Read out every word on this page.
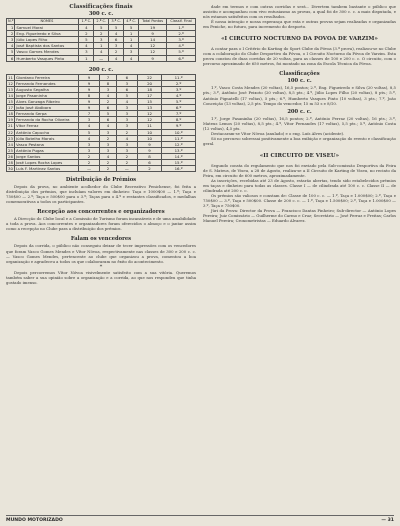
Classificações finais
300 c. c.
N.º	NOMES	1.ª C.	2.ª C.	3.ª C.	4.ª C.	Total Pontos	Classif. Final
1	Samuel Morai	4	5	5	5	19	1.º
2	Eng. Figueiredo e Silva	2	2	4	1	9	2.º
3	Júlio Lopes Filho	5	3	6	1	14	3.º
4	José Baptista dos Santos	4	1	3	4	12	4.º
5	Vasco Gomes Mendes	3	4	2	3	12	5.º
6	Humberto Vasques Pinto	1	—	4	4	9	6.º
200 c. c.
11	Giordano Ferreira	9	7	6	22	11.º
12	Fernando Fernandes	9	8	3	20	2.º
13	Augusto Segalha	9	3	6	18	3.º
14	Jorge Pasaninha	8	4	5	17	4.º
15	Alves Gonzaga Ribeiro	9	2	4	15	5.º
17	João José Abóbora	9	6	3	13	6.º
18	Fernando Serpa	7	5	3	12	7.º
19	Fernando da Rocha Oliveira	3	6	3	12	8.º
21	Vítor Ferraz	4	4	3	11	9.º
22	António Capucho	5	3	2	10	10.º
23	Júlio Botelho Morais	4	2	4	10	11.º
24	Vasco Pestana	3	3	3	9	12.º
25	António Pugas	3	3	3	9	13.º
26	Jorge Santos	2	4	2	8	14.º
28	José Lopes Rocha Lopes	2	2	2	6	15.º
30	Luís F. Martinez Santos	—	2	—	2	16.º
Distribuição de Prémios
Depois da prova, no ambiente acolhedor do Clube Recreativo Penichense, foi feita a distribuição dos prémios, que incluíam valores em dinheiro: Taça e 1000$00 — 1.º; Taça e 750$00 — 2.º; Taça e 500$00 para o 3.º; Taças para o 4.º e restantes classificados, e medalhas comemorativas a todos os participantes.
Recepção aos concorrentes e organizadores
A Direcção do Clube local e a Comissão de Turismo foram incansáveis e de uma amabilidade a toda a prova. Aos concorrentes e organizadores foram oferecidos o almoço e o jantar assim como a recepção no Clube para a distribuição dos prémios.
Falam os vencedores
Depois da corrida, o público não conseguiu deixar de tecer impressões com os vencedores que foram Vasco Gomes Mendes e Vítor Nóvoa, respectivamente nas classes de 300 e 200 c. c. — Vasco Gomes Mendes, pertencente ao clube que organizou a prova, comentou a boa organização e agradeceu a todos os que colaboraram no êxito do acontecimento.
*
Depois percorremos Vítor Nóvoa visivelmente satisfeito com a sua vitória. Queremos também saber a sua opinião sobre a organização e a corrida, ao que nos respondeu que tinha gostado imenso.
dade em termos e com outras corridas e será... Divertem tambem bastante o público que assistiu e acompanhou com vivo entusiasmo as provas, a qual foi de 300 c. c. a mais disputada, e nós estamos satisfeitos com os resultados.
É nossa intenção e nossa esperança que esta e outras provas sejam realizadas e organizadas em Peniche, no futuro, para incremento do desporto.
«I CIRCUITO NOCTURNO DA POVOA DE VARZIM»
A contar para o I Critério do Karting do Sport Clube da Póvoa (3.ª prova), realizou-se no Clube com a colaboração do Clube Desportivo da Póvoa, o I Circuito Nocturno da Póvoa de Varzim. Esta prova constou de duas corridas de 20 voltas, para as classes de 100 e 200 c. c. O circuito, com o percurso aproximado de 650 metros, foi montado na zona da Escola Técnica da Póvoa.
Classificações
100 c. c.
1.º, Vasco Costa Mendes (20 voltas), 16,5 pontos; 2.º, Eng. Figueiredo e Silva (20 voltas), 8,5 pts.; 3.º, Antônio José Peixoto (20 voltas), 8,5 pts.; 4.º, Júlio Lopes Filho (20 voltas), 8 pts.; 5.º, António Pignatelli (17 voltas), 5 pts.; 6.º, Humberto Vasques Pinto (10 voltas), 3 pts.; 7.º, João Conceição (13 voltas), 2,5 pts. Tempo do vencedor, 15 m 53 s e 8/10.
200 c. c.
1.º, Jorge Pasaninha (20 voltas), 16,5 pontos; 2.º, António Ferraz (20 voltas), 16 pts.; 3.º, Mateus Lemos (20 voltas), 8,5 pts.; 4.º, Vítor Fernandes (17 voltas), 5,5 pts.; 5.º, António Costa (12 voltas), 4,5 pts.
Destacaram-se Vítor Nóvoa (anulado) e o eng. Luís Alves (acidente).
Só no percurso sobressai positivamente a boa exibição e organização do evento e classificação geral.
«II CIRCUITO DE VISEU»
Segundo consta do regulamento que nos foi enviado pela Sub-comissão Desportiva da Feira de S. Mateus, de Viseu, a 28 de Agosto, realiza-se a II Circuito de Karting de Viseu, no recinto da Feira, em circuito de 600 metros, aproximadamente.
As inscrições, recebidas até 23 de Agosto, estarão abertas, tendo sido estabelecidos prémios em taças e dinheiro para todas as classes. Classe I — de cilindrada até 100 c. c. Classe II — de cilindrada até 200 c. c.
Os prémios são valiosos e constam de: Classe de 100 c. c. — 1.º, Taça e 1.000$00; 2.º, Taça e 750$00 — 3.º, Taça e 500$00. Classe de 200 c. c. — 1.º, Taça e 1.500$00; 2.º, Taça e 1.000$00 — 3.º, Taça e 750$00.
Júri da Prova: Director da Prova — Francisco Dantas Pinheiro; Sub-director — António Lopes Pereira; Juiz Comissário — Guilherme do Carmo e Cruz; Secretário — José Ferraz e Freitas; Carlos Manuel Pereira; Cronometristas — Eduardo Alvarez.
MUNDO MOTORIZADO	— 31
